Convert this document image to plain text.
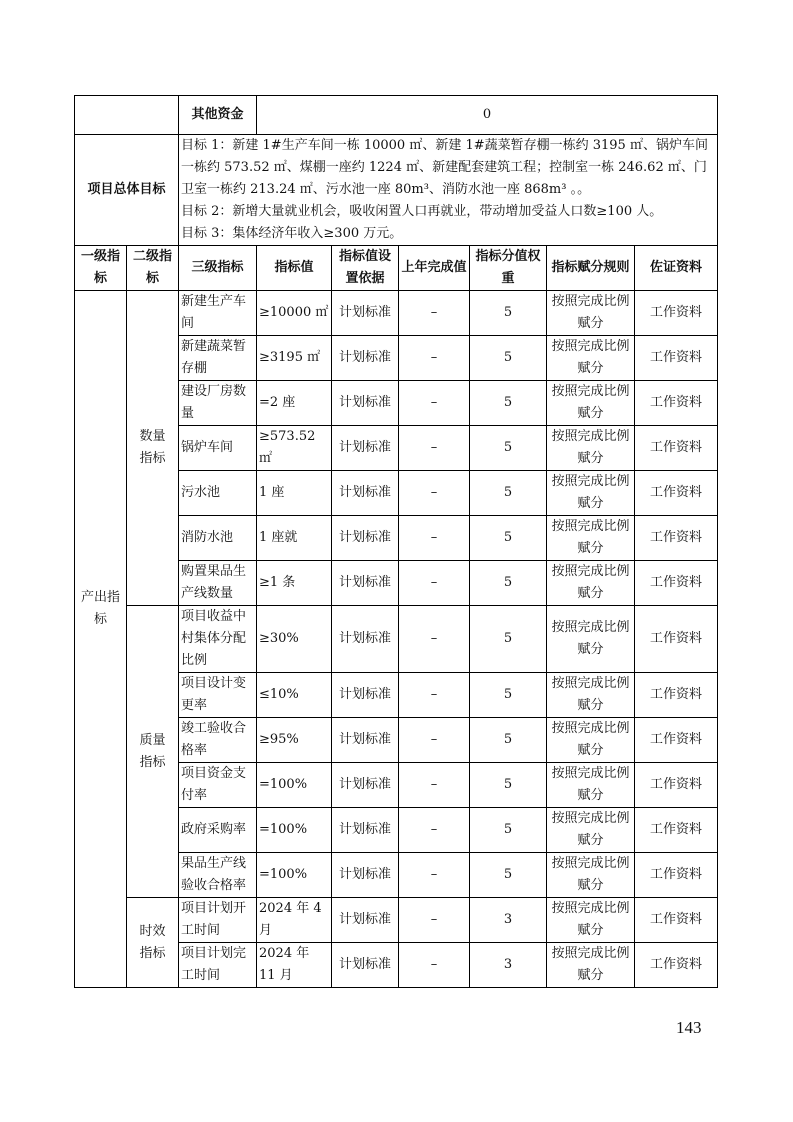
		其他资金	0					
项目总体目标		目标 1：新建 1#生产车间一栋 10000 ㎡、新建 1#蔬菜暂存棚一栋约 3195 ㎡、锅炉车间一栋约 573.52 ㎡、煤棚一座约 1224 ㎡、新建配套建筑工程；控制室一栋 246.62 ㎡、门卫室一栋约 213.24 ㎡、污水池一座 80m³、消防水池一座 868m³ 。。
目标 2：新增大量就业机会，吸收闲置人口再就业，带动增加受益人口数≥100 人。
目标 3：集体经济年收入≥300 万元。						

一级指标	二级指标	三级指标	指标值	指标值设置依据	上年完成值	指标分值权重	指标赋分规则	佐证资料
产出指标	数量指标	新建生产车间	≥10000 ㎡	计划标准	–	5	按照完成比例赋分	工作资料
		新建蔬菜暂存棚	≥3195 ㎡	计划标准	–	5	按照完成比例赋分	工作资料
		建设厂房数量	=2 座	计划标准	–	5	按照完成比例赋分	工作资料
		锅炉车间	≥573.52 ㎡	计划标准	–	5	按照完成比例赋分	工作资料
		污水池	1 座	计划标准	–	5	按照完成比例赋分	工作资料
		消防水池	1 座就	计划标准	–	5	按照完成比例赋分	工作资料
		购置果品生产线数量	≥1 条	计划标准	–	5	按照完成比例赋分	工作资料
	质量指标	项目收益中村集体分配比例	≥30%	计划标准	–	5	按照完成比例赋分	工作资料
		项目设计变更率	≤10%	计划标准	–	5	按照完成比例赋分	工作资料
		竣工验收合格率	≥95%	计划标准	–	5	按照完成比例赋分	工作资料
		项目资金支付率	=100%	计划标准	–	5	按照完成比例赋分	工作资料
		政府采购率	=100%	计划标准	–	5	按照完成比例赋分	工作资料
		果品生产线验收合格率	=100%	计划标准	–	5	按照完成比例赋分	工作资料
	时效指标	项目计划开工时间	2024 年 4 月	计划标准	–	3	按照完成比例赋分	工作资料
		项目计划完工时间	2024 年 11 月	计划标准	–	3	按照完成比例赋分	工作资料
143
